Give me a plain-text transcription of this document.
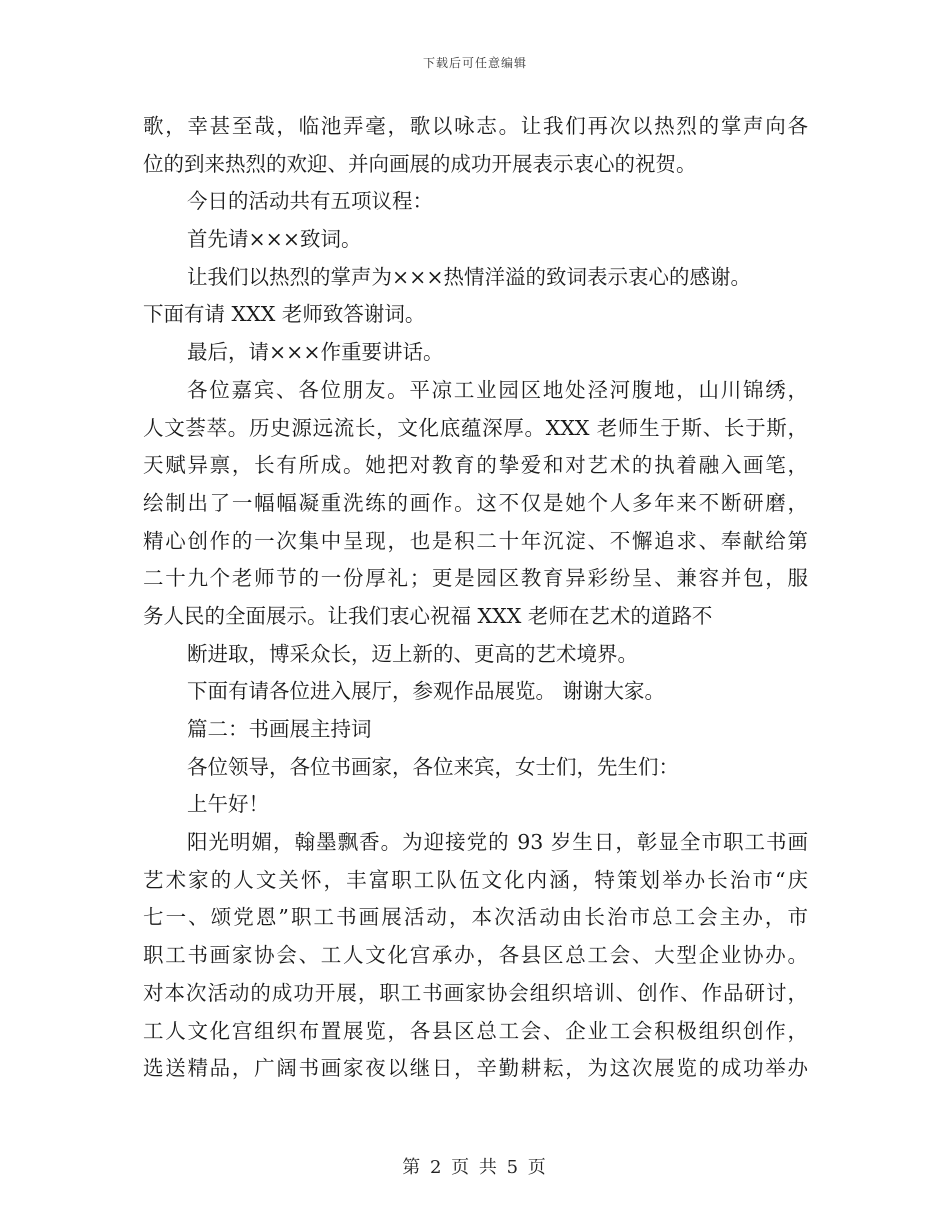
下载后可任意编辑
歌，幸甚至哉，临池弄毫，歌以咏志。让我们再次以热烈的掌声向各
位的到来热烈的欢迎、并向画展的成功开展表示衷心的祝贺。
今日的活动共有五项议程：
首先请×××致词。
让我们以热烈的掌声为×××热情洋溢的致词表示衷心的感谢。
下面有请 XXX 老师致答谢词。
最后，请×××作重要讲话。
各位嘉宾、各位朋友。平凉工业园区地处泾河腹地，山川锦绣，
人文荟萃。历史源远流长，文化底蕴深厚。XXX 老师生于斯、长于斯，
天赋异禀，长有所成。她把对教育的挚爱和对艺术的执着融入画笔，
绘制出了一幅幅凝重洗练的画作。这不仅是她个人多年来不断研磨，
精心创作的一次集中呈现，也是积二十年沉淀、不懈追求、奉献给第
二十九个老师节的一份厚礼；更是园区教育异彩纷呈、兼容并包，服
务人民的全面展示。让我们衷心祝福 XXX 老师在艺术的道路不
断进取，博采众长，迈上新的、更高的艺术境界。
下面有请各位进入展厅，参观作品展览。 谢谢大家。
篇二：书画展主持词
各位领导，各位书画家，各位来宾，女士们，先生们：
上午好！
阳光明媚，翰墨飘香。为迎接党的 93 岁生日，彰显全市职工书画
艺术家的人文关怀，丰富职工队伍文化内涵，特策划举办长治市“庆
七一、颂党恩”职工书画展活动，本次活动由长治市总工会主办，市
职工书画家协会、工人文化宫承办，各县区总工会、大型企业协办。
对本次活动的成功开展，职工书画家协会组织培训、创作、作品研讨，
工人文化宫组织布置展览，各县区总工会、企业工会积极组织创作，
选送精品，广阔书画家夜以继日，辛勤耕耘，为这次展览的成功举办
第 2 页 共 5 页
